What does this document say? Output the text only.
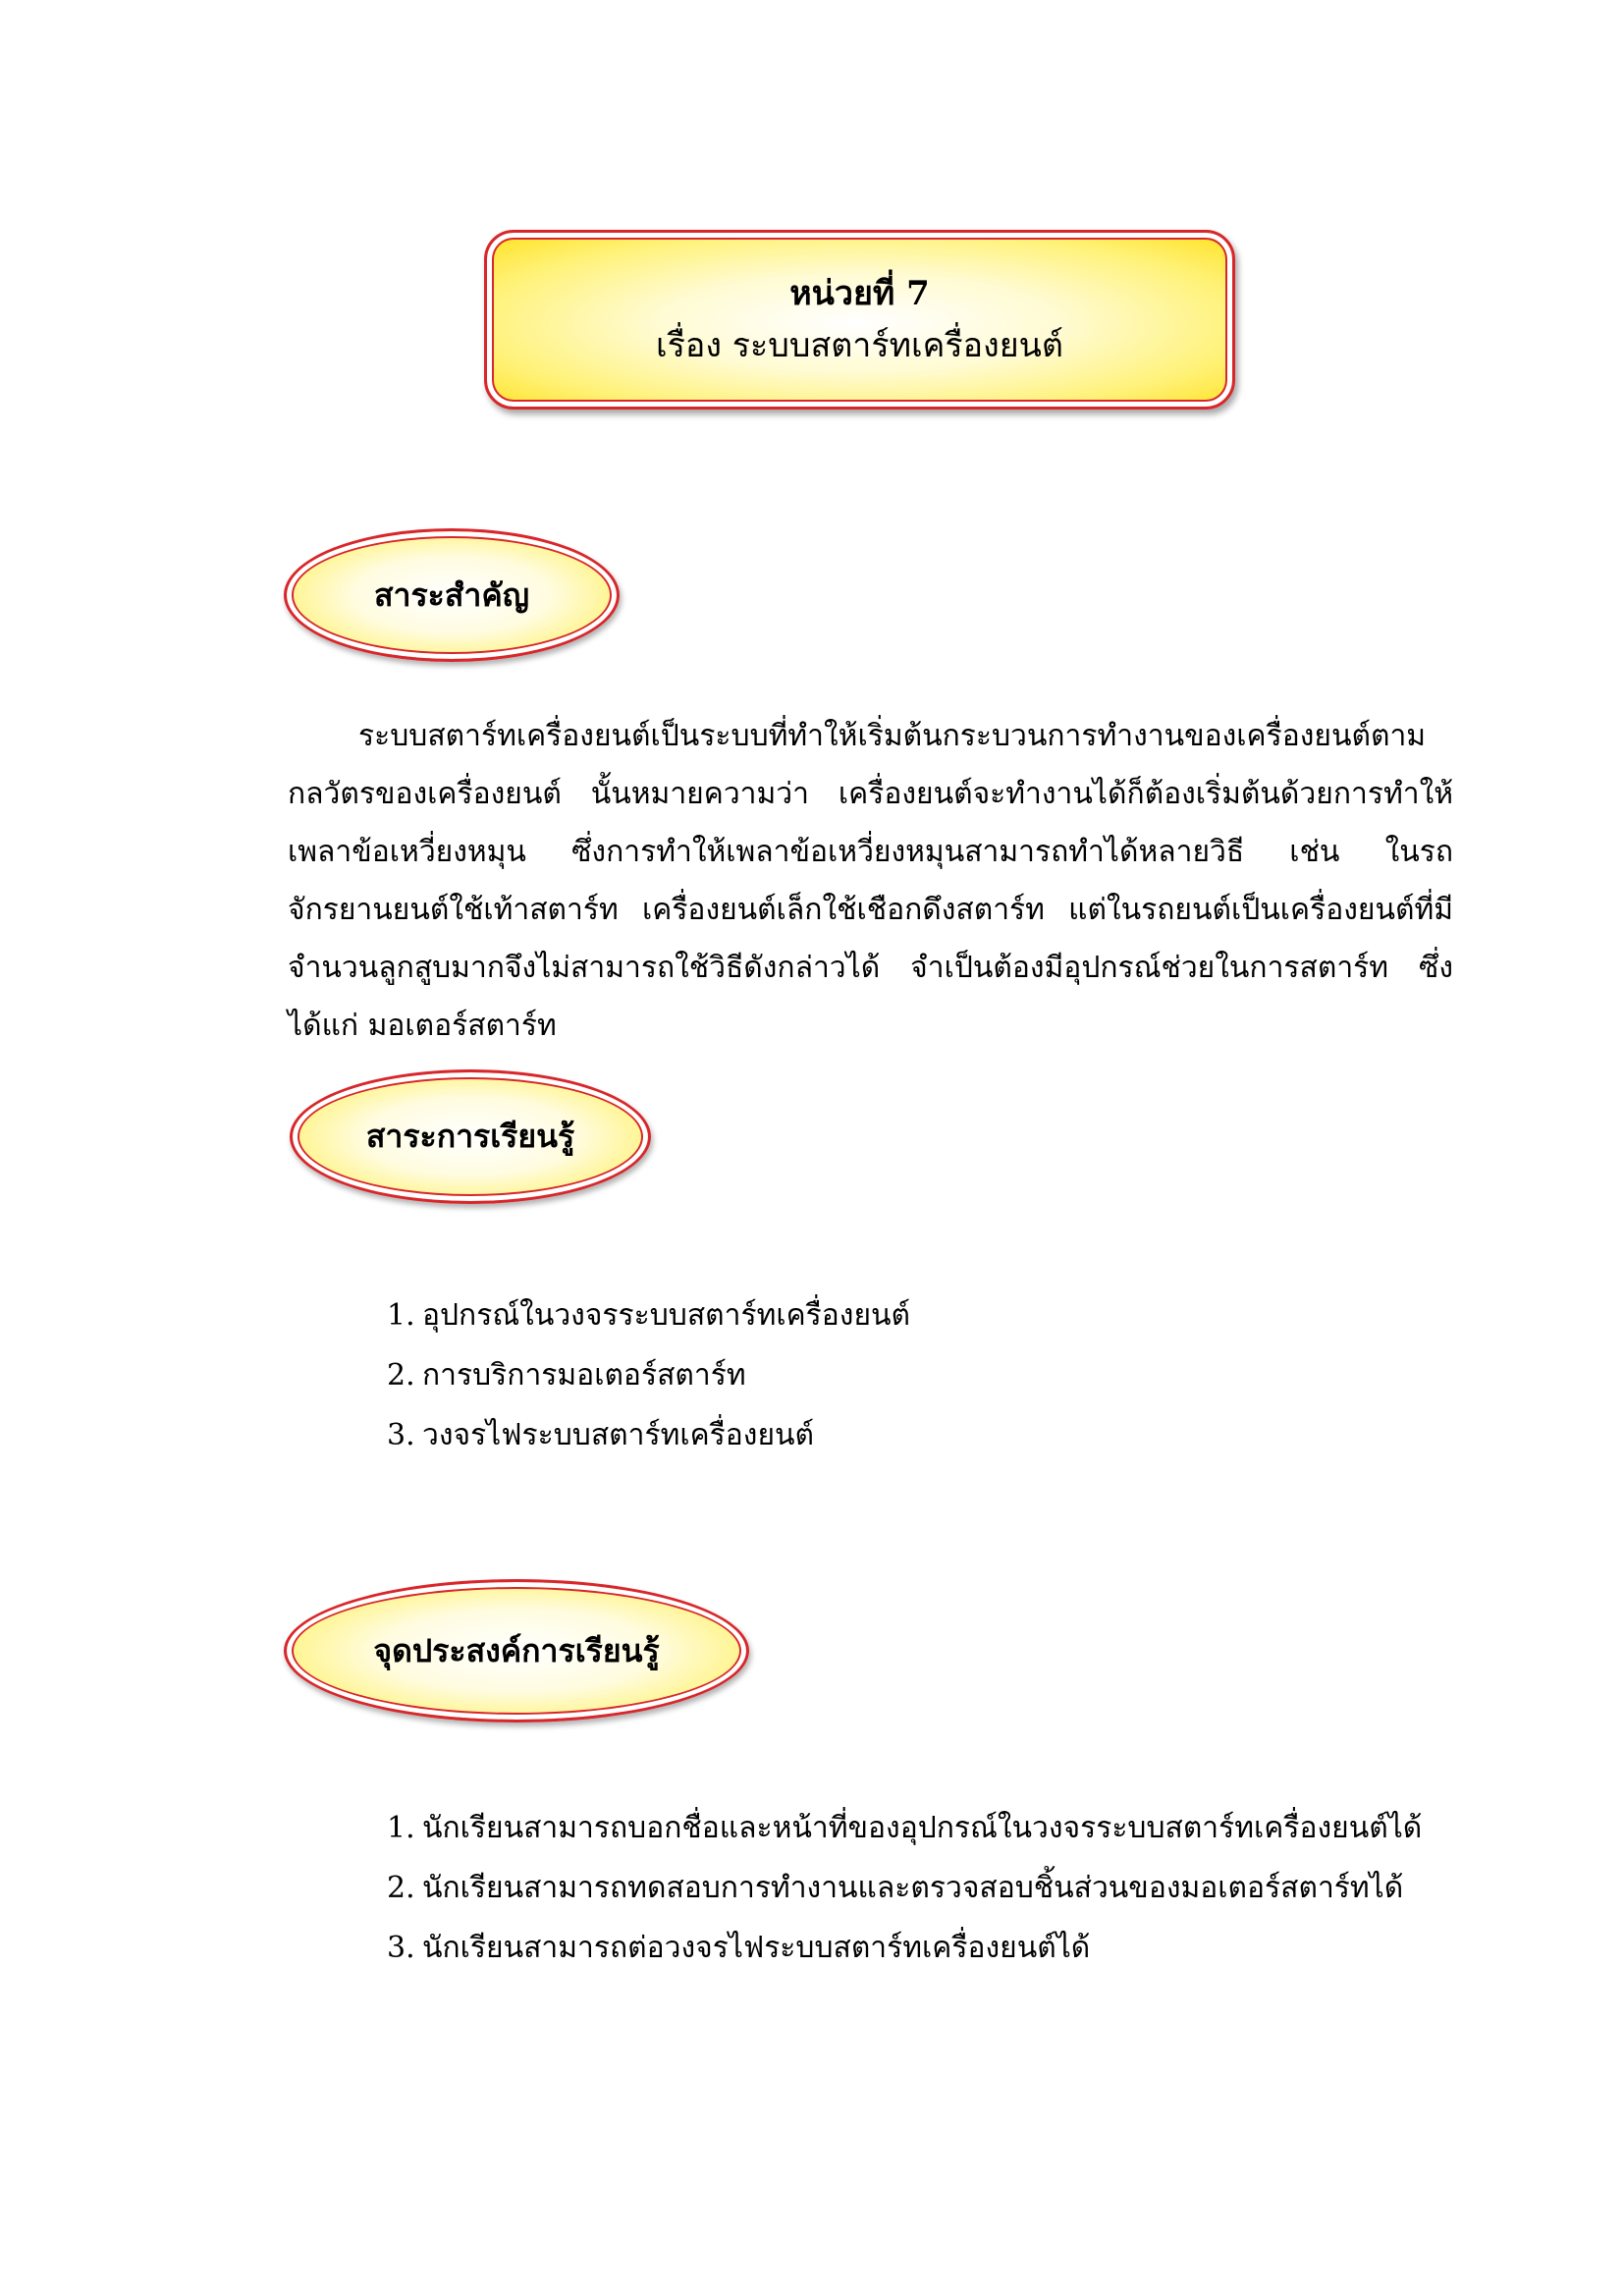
หน่วยที่ 7
เรื่อง ระบบสตาร์ทเครื่องยนต์
สาระสำคัญ

ระบบสตาร์ทเครื่องยนต์เป็นระบบที่ทำให้เริ่มต้นกระบวนการทำงานของเครื่องยนต์ตามกลวัตรของเครื่องยนต์ นั้นหมายความว่า เครื่องยนต์จะทำงานได้ก็ต้องเริ่มต้นด้วยการทำให้เพลาข้อเหวี่ยงหมุน ซึ่งการทำให้เพลาข้อเหวี่ยงหมุนสามารถทำได้หลายวิธี เช่น ในรถจักรยานยนต์ใช้เท้าสตาร์ท เครื่องยนต์เล็กใช้เชือกดึงสตาร์ท แต่ในรถยนต์เป็นเครื่องยนต์ที่มีจำนวนลูกสูบมากจึงไม่สามารถใช้วิธีดังกล่าวได้ จำเป็นต้องมีอุปกรณ์ช่วยในการสตาร์ท ซึ่งได้แก่ มอเตอร์สตาร์ท

สาระการเรียนรู้
1. อุปกรณ์ในวงจรระบบสตาร์ทเครื่องยนต์
2. การบริการมอเตอร์สตาร์ท
3. วงจรไฟระบบสตาร์ทเครื่องยนต์
จุดประสงค์การเรียนรู้
1. นักเรียนสามารถบอกชื่อและหน้าที่ของอุปกรณ์ในวงจรระบบสตาร์ทเครื่องยนต์ได้
2. นักเรียนสามารถทดสอบการทำงานและตรวจสอบชิ้นส่วนของมอเตอร์สตาร์ทได้
3. นักเรียนสามารถต่อวงจรไฟระบบสตาร์ทเครื่องยนต์ได้
